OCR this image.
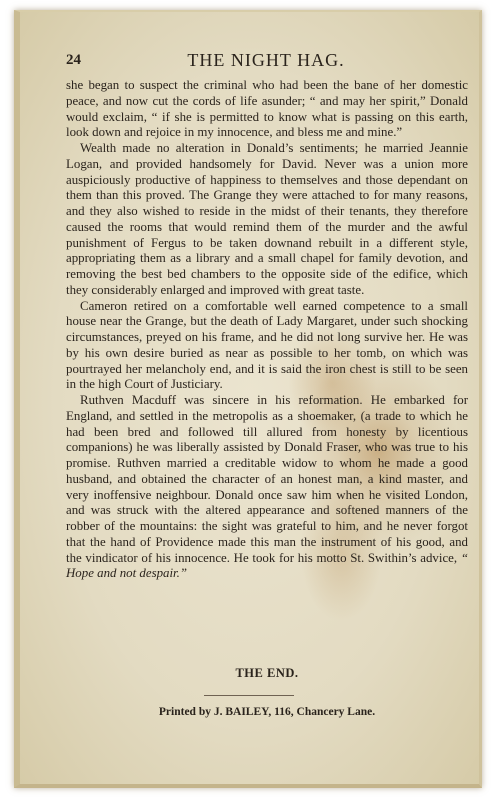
24	THE NIGHT HAG.

she began to suspect the criminal who had been the bane of her domestic peace, and now cut the cords of life asunder; “ and may her spirit,” Donald would exclaim, “ if she is permitted to know what is passing on this earth, look down and rejoice in my innocence, and bless me and mine.”

Wealth made no alteration in Donald’s sentiments; he married Jeannie Logan, and provided handsomely for David. Never was a union more auspiciously productive of happiness to themselves and those dependant on them than this proved. The Grange they were attached to for many reasons, and they also wished to reside in the midst of their tenants, they therefore caused the rooms that would remind them of the murder and the awful punishment of Fergus to be taken downand rebuilt in a different style, appropriating them as a library and a small chapel for family devotion, and removing the best bed chambers to the opposite side of the edifice, which they considerably enlarged and improved with great taste.

Cameron retired on a comfortable well earned competence to a small house near the Grange, but the death of Lady Margaret, under such shocking circumstances, preyed on his frame, and he did not long survive her. He was by his own desire buried as near as possible to her tomb, on which was pourtrayed her melancholy end, and it is said the iron chest is still to be seen in the high Court of Justiciary.

Ruthven Macduff was sincere in his reformation. He embarked for England, and settled in the metropolis as a shoemaker, (a trade to which he had been bred and followed till allured from honesty by licentious companions) he was liberally assisted by Donald Fraser, who was true to his promise. Ruthven married a creditable widow to whom he made a good husband, and obtained the character of an honest man, a kind master, and very inoffensive neighbour. Donald once saw him when he visited London, and was struck with the altered appearance and softened manners of the robber of the mountains: the sight was grateful to him, and he never forgot that the hand of Providence made this man the instrument of his good, and the vindicator of his innocence. He took for his motto St. Swithin’s advice, “ Hope and not despair.”

THE END.
Printed by J. BAILEY, 116, Chancery Lane.
